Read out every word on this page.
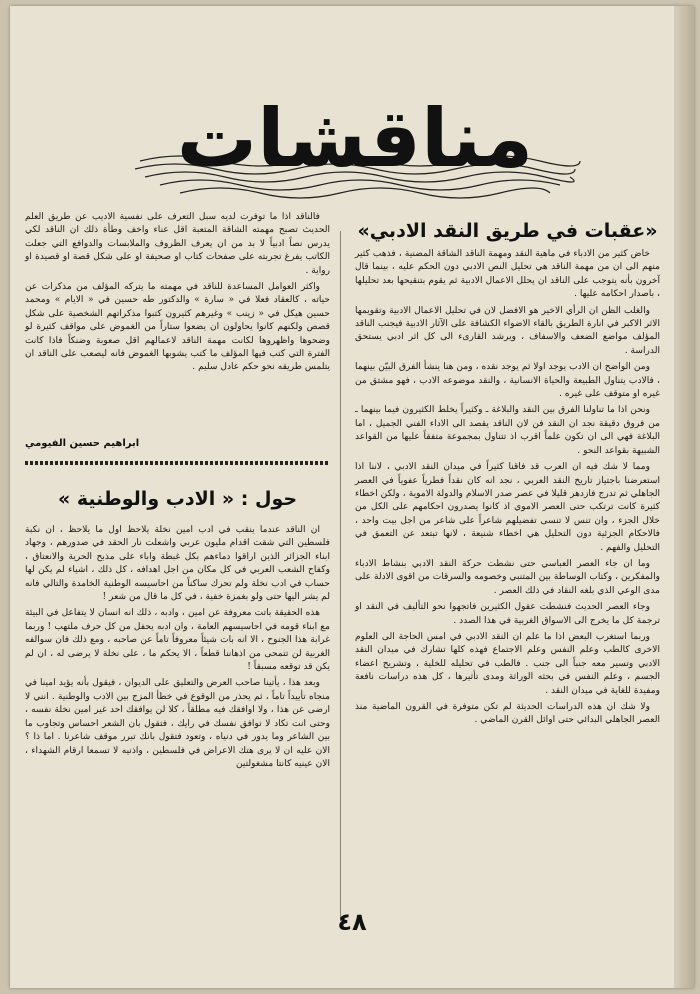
مناقشات
«عقبات في طريق النقد الادبي»

خاض كثير من الادباء في ماهية النقد ومهمة الناقد الشاقة المضنية ، فذهب كثير منهم الى ان من مهمة الناقد هي تحليل النص الادبي دون الحكم عليه ، بينما قال آخرون بأنه يتوجب على الناقد ان يحلل الاعمال الادبية ثم يقوم بتنقيحها بعد تحليلها ، باصدار احكامه عليها .

والغلب الظن ان الرأي الاخير هو الافضل لان في تحليل الاعمال الادبية وتقويمها الاثر الاكبر في انارة الطريق بالقاء الاضواء الكشافة على الآثار الادبية فيجنب الناقد المؤلف مواضع الضعف والاسفاف ، ويرشد القارىء الى كل اثر ادبي يستحق الدراسة .

ومن الواضح ان الادب يوجد اولا ثم يوجد نقده ، ومن هنا ينشأ الفرق البيّن بينهما ، فالادب يتناول الطبيعة والحياة الانسانية ، والنقد موضوعه الادب ، فهو مشتق من غيره او متوقف على غيره .

ونحن اذا ما تناولنا الفرق بين النقد والبلاغة ـ وكثيراً يخلط الكثيرون فيما بينهما ـ من فروق دقيقة نجد ان النقد فن لان الناقد يقصد الى الاداء الفني الجميل ، اما البلاغة فهي الى ان تكون علماً اقرب اذ تتناول بمجموعة متفقاً عليها من القواعد الشبيهة بقواعد النحو .

ومما لا شك فيه ان العرب قد فاقنا كثيراً في ميدان النقد الادبي ، لاننا اذا استعرضنا باجتياز تاريخ النقد العربي ، نجد انه كان نقداً فطرياً عفوياً في العصر الجاهلي ثم تدرج فازدهر قليلا في عصر صدر الاسلام والدولة الاموية ، ولكن اخطاء كثيرة كانت ترتكب حتى العصر الاموي اذ كانوا يصدرون احكامهم على الكل من خلال الجزء ، وان تنس لا تنسى تفضيلهم شاعراً على شاعر من اجل بيت واحد ، فالاحكام الجزئية دون التحليل هي اخطاء شنيعة ، لانها تبتعد عن التعمق في التحليل والفهم .

وما ان جاء العصر العباسي حتى نشطت حركة النقد الادبي بنشاط الادباء والمفكرين ، وكتاب الوساطة بين المتنبي وخصومه والسرقات من اقوى الادلة على مدى الوعي الذي بلغه النقاد في ذلك العصر .

وجاء العصر الحديث فنشطت عقول الكثيرين فاتجهوا نحو التأليف في النقد او ترجمة كل ما يخرج الى الاسواق الغربية في هذا الصدد .

وربما استغرب البعض اذا ما علم ان النقد الادبي في امس الحاجة الى العلوم الاخرى كالطب وعلم النفس وعلم الاجتماع فهذه كلها تشارك في ميدان النقد الادبي وتسير معه جنباً الى جنب . فالطب في تحليله للخلية ، وتشريح اعضاء الجسم ، وعلم النفس في بحثه الوراثة ومدى تأثيرها ، كل هذه دراسات نافعة ومفيدة للغاية في ميدان النقد .

ولا شك ان هذه الدراسات الحديثة لم تكن متوفرة في القرون الماضية منذ العصر الجاهلي البدائي حتى اوائل القرن الماضي .

فالناقد اذا ما توفرت لديه سبل التعرف على نفسية الاديب عن طريق العلم الحديث تصبح مهمته الشاقة المتعبة اقل عناء واخف وطأة ذلك ان الناقد لكي يدرس نصاً ادبياً لا بد من ان يعرف الظروف والملابسات والدوافع التي جعلت الكاتب يفرغ تجربته على صفحات كتاب او صحيفة او على شكل قصة او قصيدة او رواية .

واكثر العوامل المساعدة للناقد في مهمته ما يتركه المؤلف من مذكرات عن حياته ، كالعقاد فعلا في « سارة » والدكتور طه حسين في « الايام » ومحمد حسين هيكل في « زينب » وغيرهم كثيرون كتبوا مذكراتهم الشخصية على شكل قصص ولكنهم كانوا يحاولون ان يضعوا ستاراً من الغموض على مواقف كثيرة لو وضحوها واظهروها لكانت مهمة الناقد لاعمالهم اقل صعوبة وضنكاً فاذا كانت الفترة التي كتب فيها المؤلف ما كتب يشوبها الغموض فانه ليصعب على الناقد ان يتلمس طريقه نحو حكم عادل سليم .

ابراهيم حسين الفيومي
حول : « الادب والوطنية »

ان الناقد عندما ينقب في ادب امين نخلة يلاحظ اول ما يلاحظ ، ان نكبة فلسطين التي شقت اقدام مليون عربي واشعلت نار الحقد في صدورهم ، وجهاد ابناء الجزائر الذين اراقوا دماءهم بكل غبطة واباء على مذبح الحرية والانعتاق ، وكفاح الشعب العربي في كل مكان من اجل اهدافه ، كل ذلك ، اشياء لم يكن لها حساب في ادب نخلة ولم تحرك ساكناً من احاسيسه الوطنية الخامدة والتالي فانه لم يشر اليها حتى ولو بغمزة خفية ، في كل ما قال من شعر !

هذه الحقيقة باتت معروفة عن امين ، وادبه ، ذلك انه انسان لا يتفاعل في البيئة مع ابناء قومه في احاسيسهم العامة ، وان ادبه يحفل من كل حرف ملتهب ! وربما غرابة هذا الجنوح ، الا انه بات شيئاً معروفاً تاماً عن صاحبه ، ومع ذلك فان سوالفه الغربية لن تتمحى من اذهاننا قطعاً ، الا يحكم ما ، على نخلة لا يرضى له ، ان لم يكن قد توقعه مسبقاً !

وبعد هذا ، يأتينا صاحب العرض والتعليق على الديوان ، فيقول بأنه يؤيد امينا في منجاه تأييداً تاماً ، ثم يحذر من الوقوع في خطأ المزج بين الادب والوطنية . انني لا ارضى عن هذا ، ولا اوافقك فيه مطلقاً ، كلا لن يوافقك احد غير امين نخلة نفسه ، وحتى انت تكاد لا توافق نفسك في رايك ، فتقول بان الشعر احساس وتجاوب ما بين الشاعر وما يدور في دنياه ، وتعود فتقول بانك تبرر موقف شاعرنا . اما ذا ؟ الان عليه ان لا يرى هتك الاعراض في فلسطين ، واذنيه لا تسمعا ارقام الشهداء ، الان عينيه كانتا مشغولتين

٤٨
